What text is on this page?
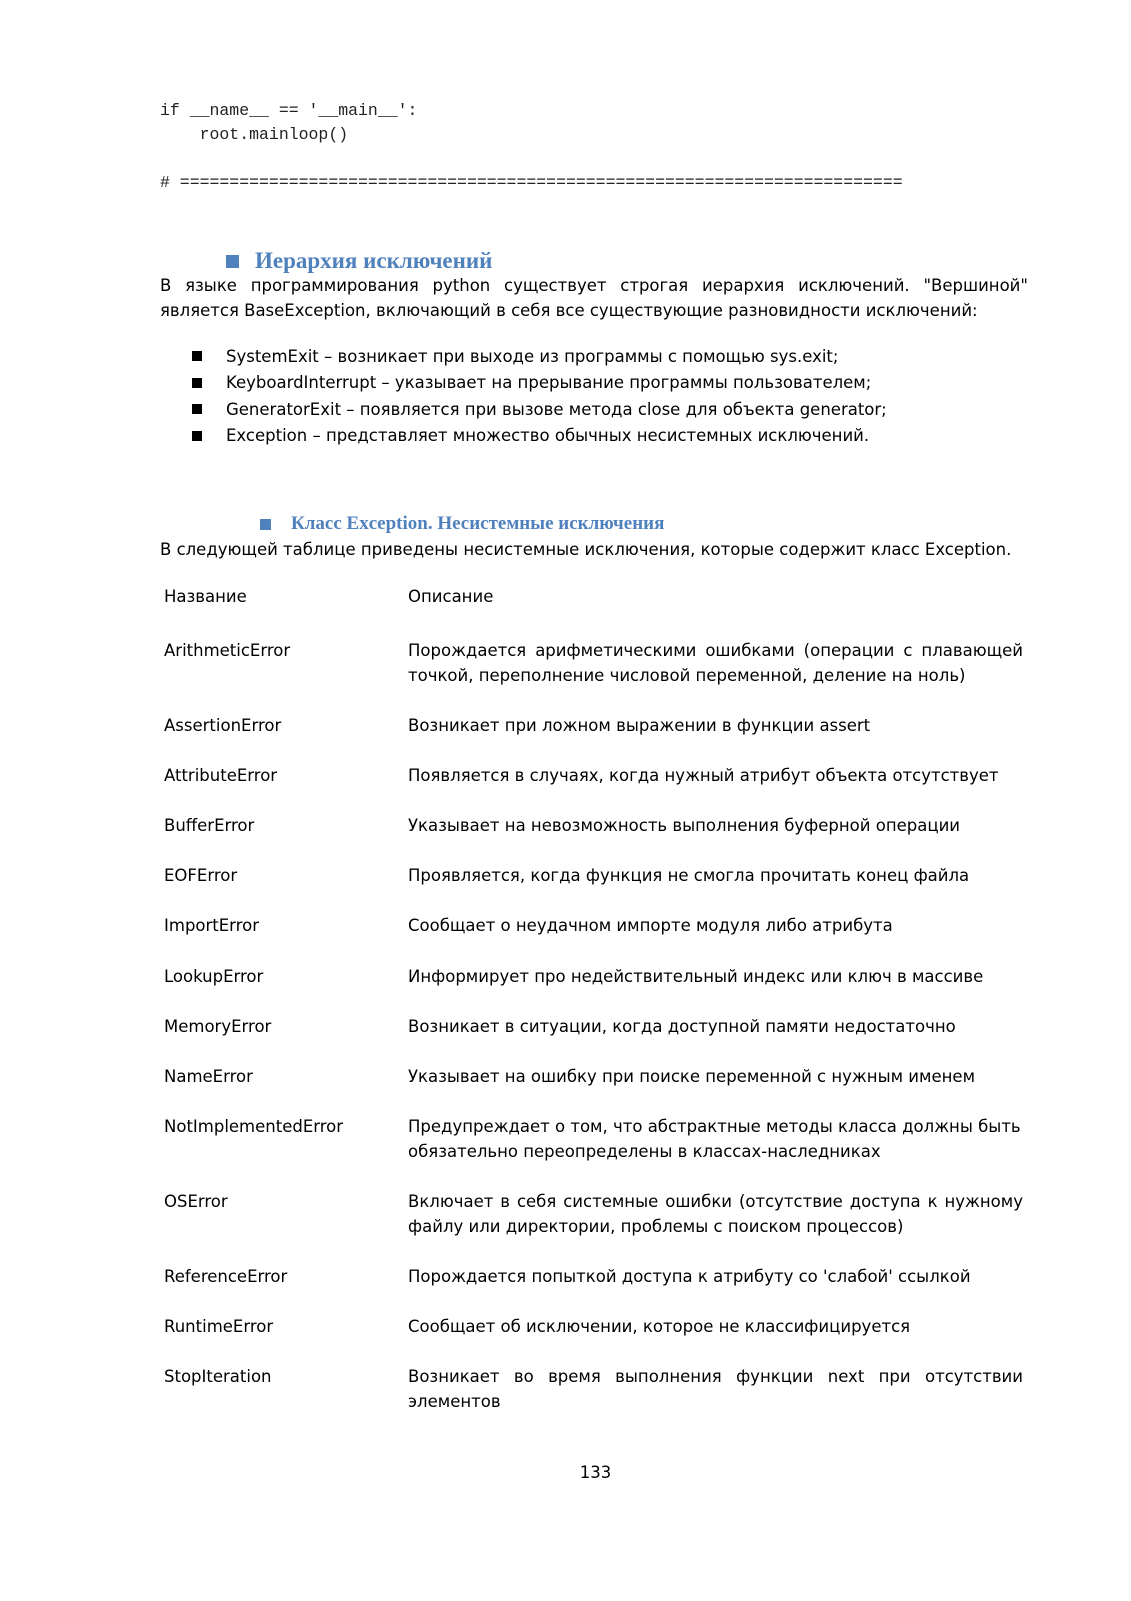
if __name__ == '__main__':
root.mainloop()
# =========================================================================
Иерархия исключений
В языке программирования python существует строгая иерархия исключений. "Вершиной"
является BaseException, включающий в себя все существующие разновидности исключений:
SystemExit – возникает при выходе из программы с помощью sys.exit;
KeyboardInterrupt – указывает на прерывание программы пользователем;
GeneratorExit – появляется при вызове метода close для объекта generator;
Exception – представляет множество обычных несистемных исключений.
Класс Exception. Несистемные исключения
В следующей таблице приведены несистемные исключения, которые содержит класс Exception.
Название	Описание
ArithmeticError	Порождается арифметическими ошибками (операции с плавающей
точкой, переполнение числовой переменной, деление на ноль)
AssertionError	Возникает при ложном выражении в функции assert
AttributeError	Появляется в случаях, когда нужный атрибут объекта отсутствует
BufferError	Указывает на невозможность выполнения буферной операции
EOFError	Проявляется, когда функция не смогла прочитать конец файла
ImportError	Сообщает о неудачном импорте модуля либо атрибута
LookupError	Информирует про недействительный индекс или ключ в массиве
MemoryError	Возникает в ситуации, когда доступной памяти недостаточно
NameError	Указывает на ошибку при поиске переменной с нужным именем
NotImplementedError	Предупреждает о том, что абстрактные методы класса должны быть
обязательно переопределены в классах-наследниках
OSError	Включает в себя системные ошибки (отсутствие доступа к нужному
файлу или директории, проблемы с поиском процессов)
ReferenceError	Порождается попыткой доступа к атрибуту со 'слабой' ссылкой
RuntimeError	Сообщает об исключении, которое не классифицируется
StopIteration	Возникает во время выполнения функции next при отсутствии
элементов
133
